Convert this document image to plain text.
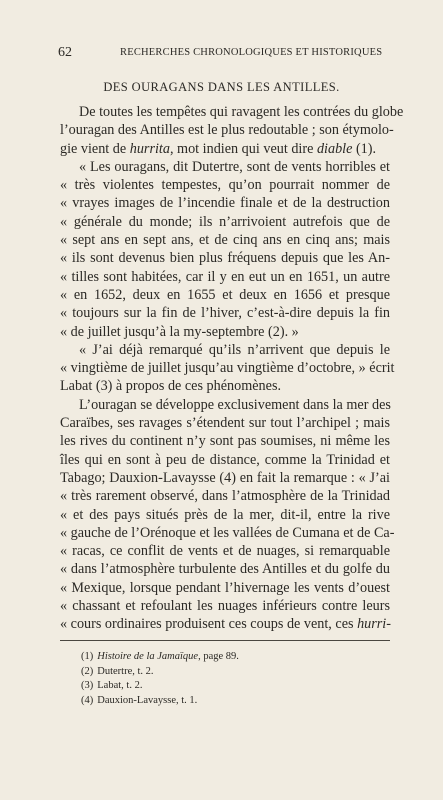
62	RECHERCHES CHRONOLOGIQUES ET HISTORIQUES
DES OURAGANS DANS LES ANTILLES.
De toutes les tempêtes qui ravagent les contrées du globe
l’ouragan des Antilles est le plus redoutable ; son étymolo-
gie vient de hurrita, mot indien qui veut dire diable (1).
« Les ouragans, dit Dutertre, sont de vents horribles et
« très violentes tempestes, qu’on pourrait nommer de
« vrayes images de l’incendie finale et de la destruction
« générale du monde; ils n’arrivoient autrefois que de
« sept ans en sept ans, et de cinq ans en cinq ans; mais
« ils sont devenus bien plus fréquens depuis que les An-
« tilles sont habitées, car il y en eut un en 1651, un autre
« en 1652, deux en 1655 et deux en 1656 et presque
« toujours sur la fin de l’hiver, c’est-à-dire depuis la fin
« de juillet jusqu’à la my-septembre (2). »
« J’ai déjà remarqué qu’ils n’arrivent que depuis le
« vingtième de juillet jusqu’au vingtième d’octobre, » écrit
Labat (3) à propos de ces phénomènes.
L’ouragan se développe exclusivement dans la mer des
Caraïbes, ses ravages s’étendent sur tout l’archipel ; mais
les rives du continent n’y sont pas soumises, ni même les
îles qui en sont à peu de distance, comme la Trinidad et
Tabago; Dauxion-Lavaysse (4) en fait la remarque : « J’ai
« très rarement observé, dans l’atmosphère de la Trinidad
« et des pays situés près de la mer, dit-il, entre la rive
« gauche de l’Orénoque et les vallées de Cumana et de Ca-
« racas, ce conflit de vents et de nuages, si remarquable
« dans l’atmosphère turbulente des Antilles et du golfe du
« Mexique, lorsque pendant l’hivernage les vents d’ouest
« chassant et refoulant les nuages inférieurs contre leurs
« cours ordinaires produisent ces coups de vent, ces hurri-
(1) Histoire de la Jamaïque, page 89.
(2) Dutertre, t. 2.
(3) Labat, t. 2.
(4) Dauxion-Lavaysse, t. 1.
